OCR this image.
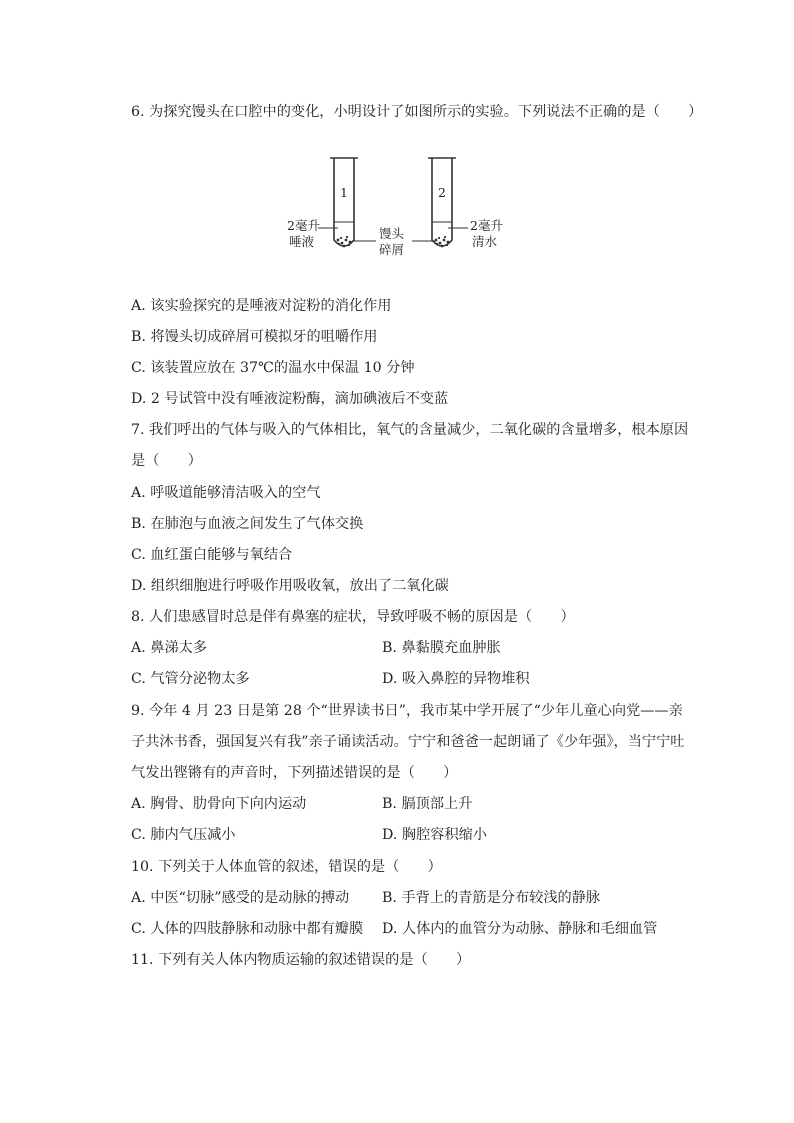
6. 为探究馒头在口腔中的变化，小明设计了如图所示的实验。下列说法不正确的是（　　）
1	2
2毫升
唾液
馒头
碎屑
2毫升
清水
A. 该实验探究的是唾液对淀粉的消化作用
B. 将馒头切成碎屑可模拟牙的咀嚼作用
C. 该装置应放在 37℃的温水中保温 10 分钟
D. 2 号试管中没有唾液淀粉酶，滴加碘液后不变蓝
7. 我们呼出的气体与吸入的气体相比，氧气的含量减少，二氧化碳的含量增多，根本原因
是（　　）
A. 呼吸道能够清洁吸入的空气
B. 在肺泡与血液之间发生了气体交换
C. 血红蛋白能够与氧结合
D. 组织细胞进行呼吸作用吸收氧，放出了二氧化碳
8. 人们患感冒时总是伴有鼻塞的症状，导致呼吸不畅的原因是（　　）
A. 鼻涕太多	B. 鼻黏膜充血肿胀
C. 气管分泌物太多	D. 吸入鼻腔的异物堆积
9. 今年 4 月 23 日是第 28 个“世界读书日”，我市某中学开展了“少年儿童心向党——亲
子共沐书香，强国复兴有我”亲子诵读活动。宁宁和爸爸一起朗诵了《少年强》，当宁宁吐
气发出铿锵有的声音时，下列描述错误的是（　　）
A. 胸骨、肋骨向下向内运动	B. 膈顶部上升
C. 肺内气压减小	D. 胸腔容积缩小
10. 下列关于人体血管的叙述，错误的是（　　）
A. 中医“切脉”感受的是动脉的搏动 B. 手背上的青筋是分布较浅的静脉
C. 人体的四肢静脉和动脉中都有瓣膜 D. 人体内的血管分为动脉、静脉和毛细血管
11. 下列有关人体内物质运输的叙述错误的是（　　）
